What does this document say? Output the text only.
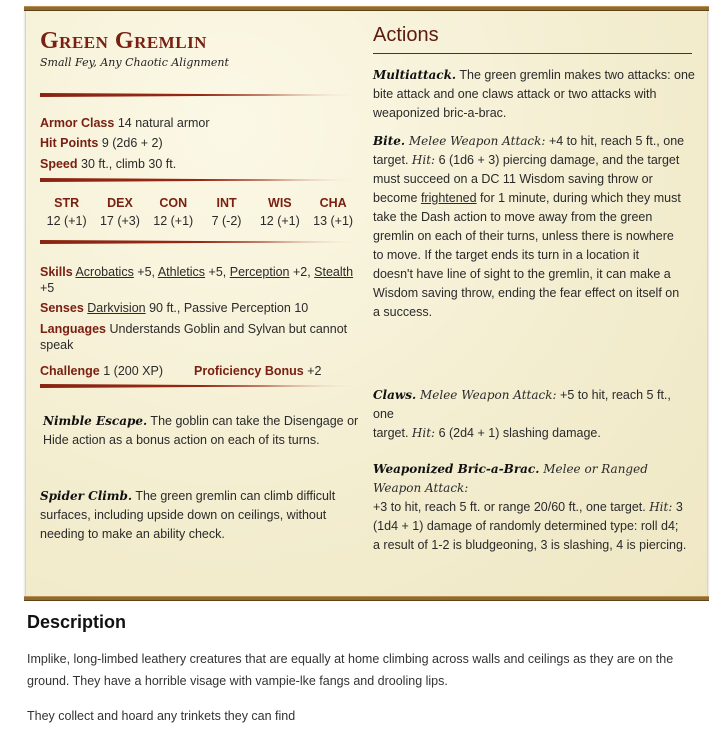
Green Gremlin
Small Fey, Any Chaotic Alignment
Armor Class 14 natural armor
Hit Points 9 (2d6 + 2)
Speed 30 ft., climb 30 ft.
STR
12 (+1)
DEX
17 (+3)
CON
12 (+1)
INT
7 (-2)
WIS
12 (+1)
CHA
13 (+1)
Skills Acrobatics +5, Athletics +5, Perception +2, Stealth
+5
Senses Darkvision 90 ft., Passive Perception 10
Languages Understands Goblin and Sylvan but cannot
speak
Challenge 1 (200 XP) Proficiency Bonus +2
Nimble Escape. The goblin can take the Disengage or
Hide action as a bonus action on each of its turns.
Spider Climb. The green gremlin can climb difficult
surfaces, including upside down on ceilings, without
needing to make an ability check.
Actions
Multiattack. The green gremlin makes two attacks: one
bite attack and one claws attack or two attacks with
weaponized bric-a-brac.
Bite. Melee Weapon Attack: +4 to hit, reach 5 ft., one
target. Hit: 6 (1d6 + 3) piercing damage, and the target
must succeed on a DC 11 Wisdom saving throw or
become frightened for 1 minute, during which they must
take the Dash action to move away from the green
gremlin on each of their turns, unless there is nowhere
to move. If the target ends its turn in a location it
doesn't have line of sight to the gremlin, it can make a
Wisdom saving throw, ending the fear effect on itself on
a success.
Claws. Melee Weapon Attack: +5 to hit, reach 5 ft., one
target. Hit: 6 (2d4 + 1) slashing damage.
Weaponized Bric-a-Brac. Melee or Ranged Weapon Attack:
+3 to hit, reach 5 ft. or range 20/60 ft., one target. Hit: 3
(1d4 + 1) damage of randomly determined type: roll d4;
a result of 1-2 is bludgeoning, 3 is slashing, 4 is piercing.
Description
Implike, long-limbed leathery creatures that are equally at home climbing across walls and ceilings as they are on the
ground. They have a horrible visage with vampie-lke fangs and drooling lips.
They collect and hoard any trinkets they can find
